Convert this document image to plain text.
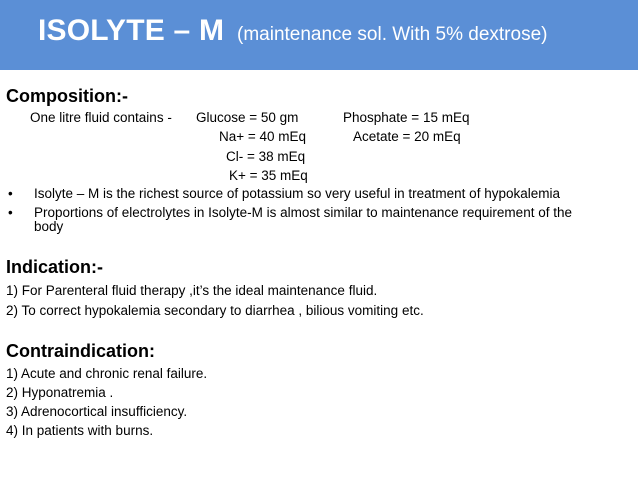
ISOLYTE – M (maintenance sol. With 5% dextrose)
Composition:-
One litre fluid contains - Glucose = 50 gm	Phosphate = 15 mEq
Na+ = 40 mEq	Acetate = 20 mEq
Cl- = 38 mEq
K+ = 35 mEq
• Isolyte – M is the richest source of potassium so very useful in treatment of hypokalemia
• Proportions of electrolytes in Isolyte-M is almost similar to maintenance requirement of the
body
Indication:-
1) For Parenteral fluid therapy ,it’s the ideal maintenance fluid.
2) To correct hypokalemia secondary to diarrhea , bilious vomiting etc.
Contraindication:
1) Acute and chronic renal failure.
2) Hyponatremia .
3) Adrenocortical insufficiency.
4) In patients with burns.
